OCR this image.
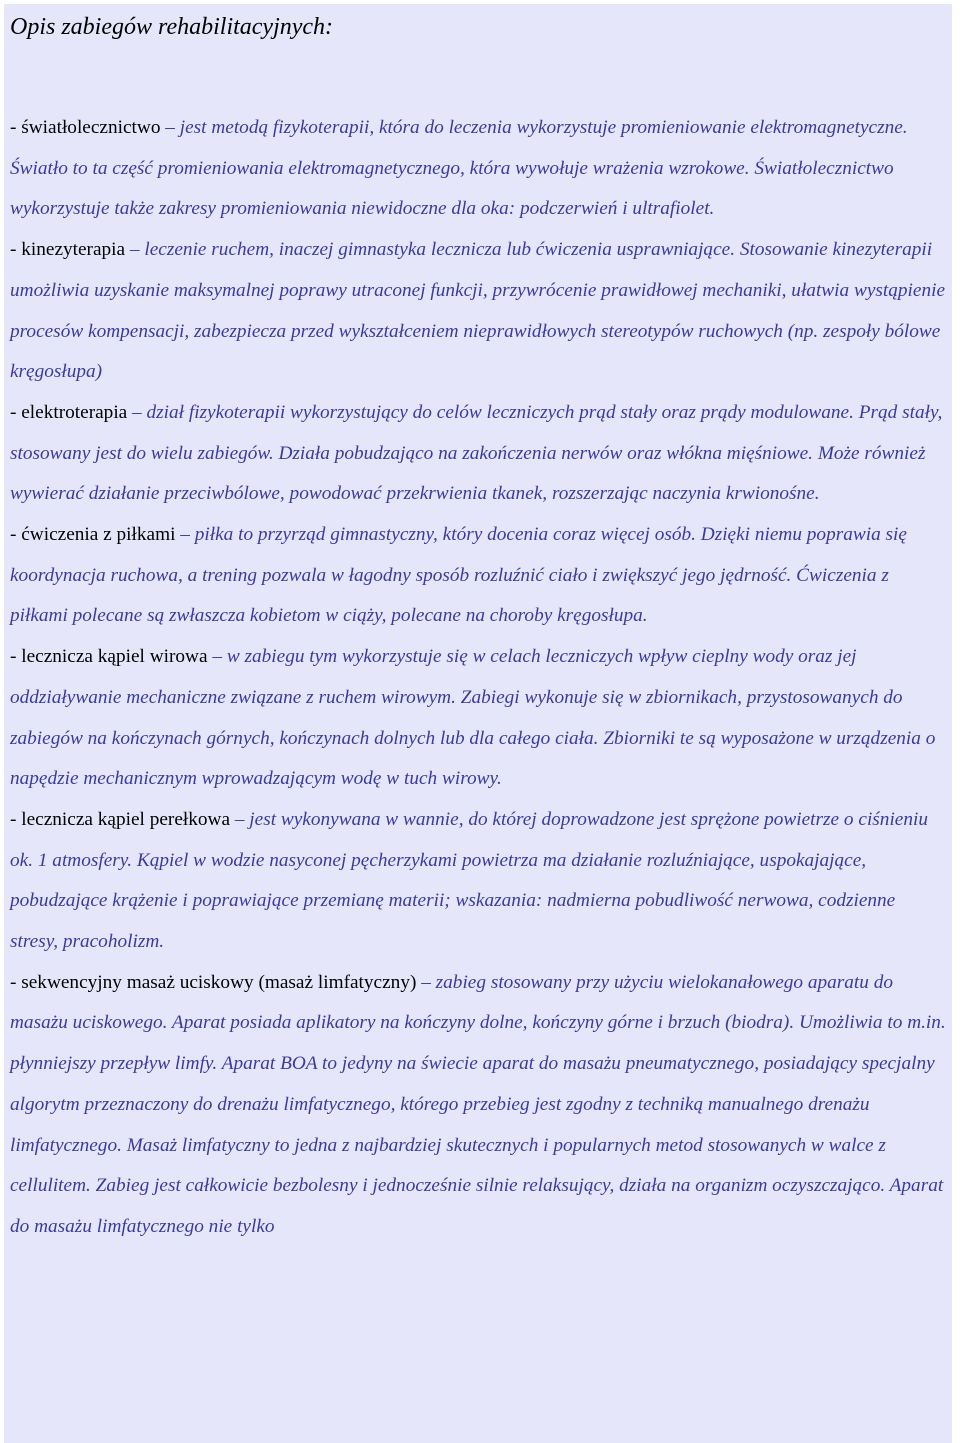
Opis zabiegów rehabilitacyjnych:
- światłolecznictwo – jest metodą fizykoterapii, która do leczenia wykorzystuje promieniowanie elektromagnetyczne. Światło to ta część promieniowania elektromagnetycznego, która wywołuje wrażenia wzrokowe. Światłolecznictwo wykorzystuje także zakresy promieniowania niewidoczne dla oka: podczerwień i ultrafiolet.
- kinezyterapia – leczenie ruchem, inaczej gimnastyka lecznicza lub ćwiczenia usprawniające. Stosowanie kinezyterapii umożliwia uzyskanie maksymalnej poprawy utraconej funkcji, przywrócenie prawidłowej mechaniki, ułatwia wystąpienie procesów kompensacji, zabezpiecza przed wykształceniem nieprawidłowych stereotypów ruchowych (np. zespoły bólowe kręgosłupa)
- elektroterapia – dział fizykoterapii wykorzystujący do celów leczniczych prąd stały oraz prądy modulowane. Prąd stały, stosowany jest do wielu zabiegów. Działa pobudzająco na zakończenia nerwów oraz włókna mięśniowe. Może również wywierać działanie przeciwbólowe, powodować przekrwienia tkanek, rozszerzając naczynia krwionośne.
- ćwiczenia z piłkami – piłka to przyrząd gimnastyczny, który docenia coraz więcej osób. Dzięki niemu poprawia się koordynacja ruchowa, a trening pozwala w łagodny sposób rozluźnić ciało i zwiększyć jego jędrność. Ćwiczenia z piłkami polecane są zwłaszcza kobietom w ciąży, polecane na choroby kręgosłupa.
- lecznicza kąpiel wirowa – w zabiegu tym wykorzystuje się w celach leczniczych wpływ cieplny wody oraz jej oddziaływanie mechaniczne związane z ruchem wirowym. Zabiegi wykonuje się w zbiornikach, przystosowanych do zabiegów na kończynach górnych, kończynach dolnych lub dla całego ciała. Zbiorniki te są wyposażone w urządzenia o napędzie mechanicznym wprowadzającym wodę w tuch wirowy.
- lecznicza kąpiel perełkowa – jest wykonywana w wannie, do której doprowadzone jest sprężone powietrze o ciśnieniu ok. 1 atmosfery. Kąpiel w wodzie nasyconej pęcherzykami powietrza ma działanie rozluźniające, uspokajające, pobudzające krążenie i poprawiające przemianę materii; wskazania: nadmierna pobudliwość nerwowa, codzienne stresy, pracoholizm.
- sekwencyjny masaż uciskowy (masaż limfatyczny) – zabieg stosowany przy użyciu wielokanałowego aparatu do masażu uciskowego. Aparat posiada aplikatory na kończyny dolne, kończyny górne i brzuch (biodra). Umożliwia to m.in. płynniejszy przepływ limfy. Aparat BOA to jedyny na świecie aparat do masażu pneumatycznego, posiadający specjalny algorytm przeznaczony do drenażu limfatycznego, którego przebieg jest zgodny z techniką manualnego drenażu limfatycznego. Masaż limfatyczny to jedna z najbardziej skutecznych i popularnych metod stosowanych w walce z cellulitem. Zabieg jest całkowicie bezbolesny i jednocześnie silnie relaksujący, działa na organizm oczyszczająco. Aparat do masażu limfatycznego nie tylko
